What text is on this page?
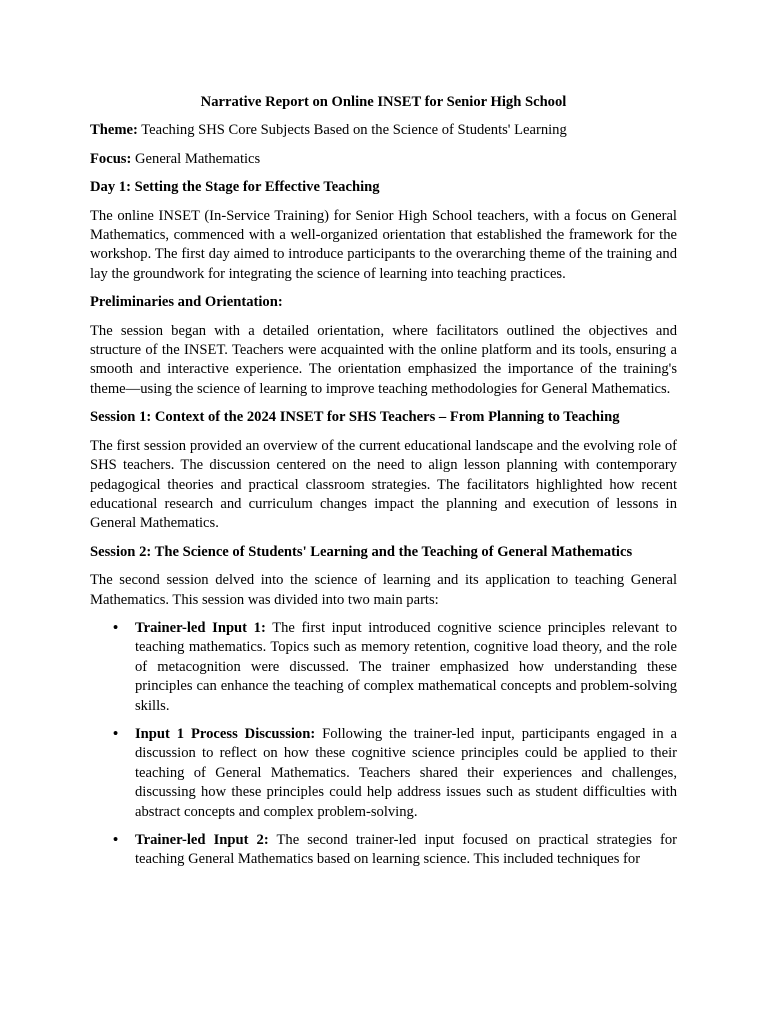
Narrative Report on Online INSET for Senior High School
Theme: Teaching SHS Core Subjects Based on the Science of Students' Learning
Focus: General Mathematics
Day 1: Setting the Stage for Effective Teaching
The online INSET (In-Service Training) for Senior High School teachers, with a focus on General Mathematics, commenced with a well-organized orientation that established the framework for the workshop. The first day aimed to introduce participants to the overarching theme of the training and lay the groundwork for integrating the science of learning into teaching practices.
Preliminaries and Orientation:
The session began with a detailed orientation, where facilitators outlined the objectives and structure of the INSET. Teachers were acquainted with the online platform and its tools, ensuring a smooth and interactive experience. The orientation emphasized the importance of the training's theme—using the science of learning to improve teaching methodologies for General Mathematics.
Session 1: Context of the 2024 INSET for SHS Teachers – From Planning to Teaching
The first session provided an overview of the current educational landscape and the evolving role of SHS teachers. The discussion centered on the need to align lesson planning with contemporary pedagogical theories and practical classroom strategies. The facilitators highlighted how recent educational research and curriculum changes impact the planning and execution of lessons in General Mathematics.
Session 2: The Science of Students' Learning and the Teaching of General Mathematics
The second session delved into the science of learning and its application to teaching General Mathematics. This session was divided into two main parts:
• Trainer-led Input 1: The first input introduced cognitive science principles relevant to teaching mathematics. Topics such as memory retention, cognitive load theory, and the role of metacognition were discussed. The trainer emphasized how understanding these principles can enhance the teaching of complex mathematical concepts and problem-solving skills.
• Input 1 Process Discussion: Following the trainer-led input, participants engaged in a discussion to reflect on how these cognitive science principles could be applied to their teaching of General Mathematics. Teachers shared their experiences and challenges, discussing how these principles could help address issues such as student difficulties with abstract concepts and complex problem-solving.
• Trainer-led Input 2: The second trainer-led input focused on practical strategies for teaching General Mathematics based on learning science. This included techniques for
